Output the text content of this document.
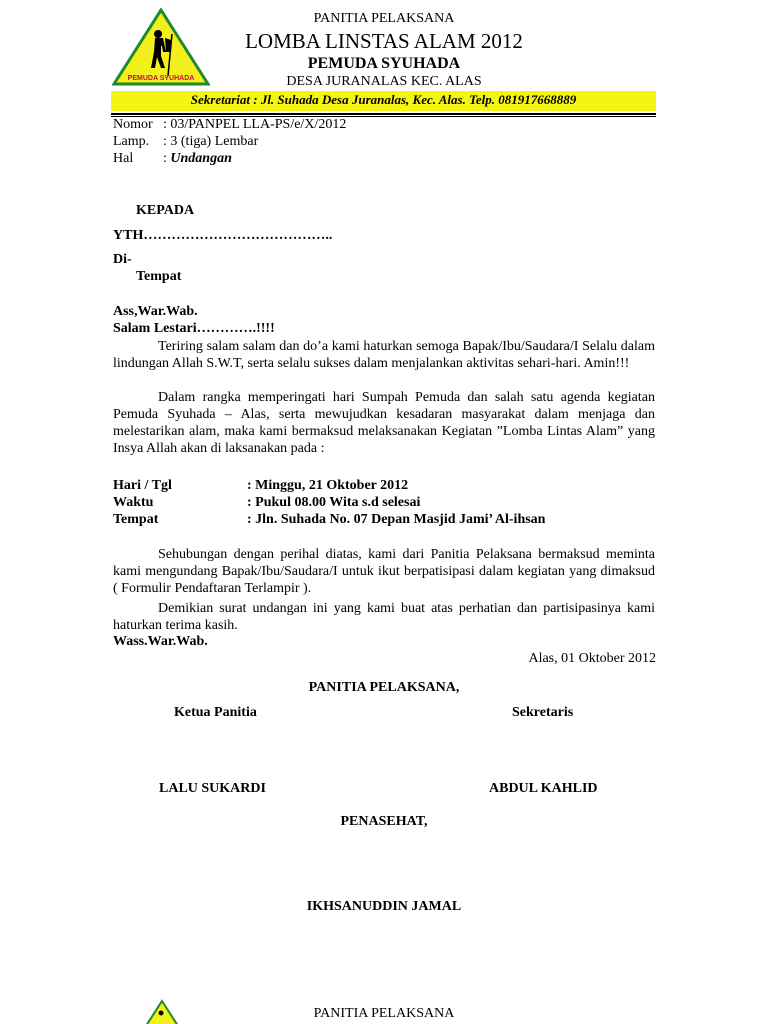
PEMUDA SYUHADA
PANITIA PELAKSANA
LOMBA LINSTAS ALAM 2012
PEMUDA SYUHADA
DESA JURANALAS KEC. ALAS
Sekretariat : Jl. Suhada Desa Juranalas, Kec. Alas. Telp. 081917668889
Nomor : 03/PANPEL LLA-PS/e/X/2012
Lamp. : 3 (tiga) Lembar
Hal : Undangan
KEPADA
YTH…………………………………..
Di-
Tempat
Ass,War.Wab.
Salam Lestari………….!!!!
Teriring salam salam dan do’a kami haturkan semoga Bapak/Ibu/Saudara/I Selalu dalam lindungan Allah S.W.T, serta selalu sukses dalam menjalankan aktivitas sehari-hari. Amin!!!
Dalam rangka memperingati hari Sumpah Pemuda dan salah satu agenda kegiatan Pemuda Syuhada – Alas, serta mewujudkan kesadaran masyarakat dalam menjaga dan melestarikan alam, maka kami bermaksud melaksanakan Kegiatan ”Lomba Lintas Alam” yang Insya Allah akan di laksanakan pada :
Hari / Tgl	: Minggu, 21 Oktober 2012
Waktu	: Pukul 08.00 Wita s.d selesai
Tempat	: Jln. Suhada No. 07 Depan Masjid Jami’ Al-ihsan
Sehubungan dengan perihal diatas, kami dari Panitia Pelaksana bermaksud meminta kami mengundang Bapak/Ibu/Saudara/I untuk ikut berpatisipasi dalam kegiatan yang dimaksud ( Formulir Pendaftaran Terlampir ).
Demikian surat undangan ini yang kami buat atas perhatian dan partisipasinya kami haturkan terima kasih.
Wass.War.Wab.
Alas, 01 Oktober 2012
PANITIA PELAKSANA,
Ketua Panitia	Sekretaris
LALU SUKARDI	ABDUL KAHLID
PENASEHAT,
IKHSANUDDIN JAMAL
PANITIA PELAKSANA
